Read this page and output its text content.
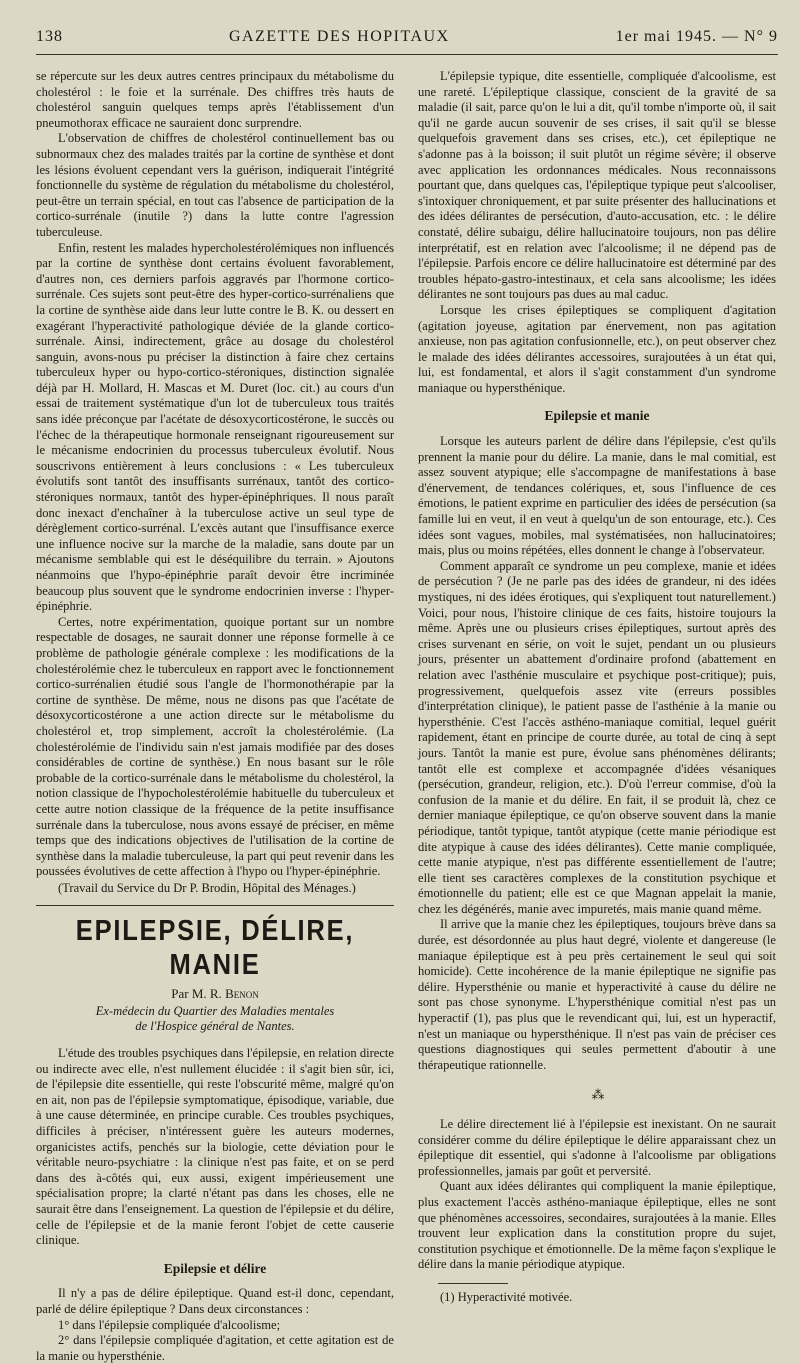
138	GAZETTE DES HOPITAUX	1er mai 1945. — N° 9

se répercute sur les deux autres centres principaux du métabolisme du cholestérol : le foie et la surrénale. Des chiffres très hauts de cholestérol sanguin quelques temps après l'établissement d'un pneumothorax efficace ne sauraient donc surprendre.

L'observation de chiffres de cholestérol continuellement bas ou subnormaux chez des malades traités par la cortine de synthèse et dont les lésions évoluent cependant vers la guérison, indiquerait l'intégrité fonctionnelle du système de régulation du métabolisme du cholestérol, peut-être un terrain spécial, en tout cas l'absence de participation de la cortico-surrénale (inutile ?) dans la lutte contre l'agression tuberculeuse.

Enfin, restent les malades hypercholestérolémiques non influencés par la cortine de synthèse dont certains évoluent favorablement, d'autres non, ces derniers parfois aggravés par l'hormone cortico-surrénale. Ces sujets sont peut-être des hyper-cortico-surrénaliens que la cortine de synthèse aide dans leur lutte contre le B. K. ou dessert en exagérant l'hyperactivité pathologique déviée de la glande cortico-surrénale. Ainsi, indirectement, grâce au dosage du cholestérol sanguin, avons-nous pu préciser la distinction à faire chez certains tuberculeux hyper ou hypo-cortico-stéroniques, distinction signalée déjà par H. Mollard, H. Mascas et M. Duret (loc. cit.) au cours d'un essai de traitement systématique d'un lot de tuberculeux tous traités sans idée préconçue par l'acétate de désoxycorticostérone, le succès ou l'échec de la thérapeutique hormonale renseignant rigoureusement sur le mécanisme endocrinien du processus tuberculeux évolutif. Nous souscrivons entièrement à leurs conclusions : « Les tuberculeux évolutifs sont tantôt des insuffisants surrénaux, tantôt des cortico-stéroniques normaux, tantôt des hyper-épinéphriques. Il nous paraît donc inexact d'enchaîner à la tuberculose active un seul type de dérèglement cortico-surrénal. L'excès autant que l'insuffisance exerce une influence nocive sur la marche de la maladie, sans doute par un mécanisme semblable qui est le déséquilibre du terrain. » Ajoutons néanmoins que l'hypo-épinéphrie paraît devoir être incriminée beaucoup plus souvent que le syndrome endocrinien inverse : l'hyper-épinéphrie.

Certes, notre expérimentation, quoique portant sur un nombre respectable de dosages, ne saurait donner une réponse formelle à ce problème de pathologie générale complexe : les modifications de la cholestérolémie chez le tuberculeux en rapport avec le fonctionnement cortico-surrénalien étudié sous l'angle de l'hormonothérapie par la cortine de synthèse. De même, nous ne disons pas que l'acétate de désoxycorticostérone a une action directe sur le métabolisme du cholestérol et, trop simplement, accroît la cholestérolémie. (La cholestérolémie de l'individu sain n'est jamais modifiée par des doses considérables de cortine de synthèse.) En nous basant sur le rôle probable de la cortico-surrénale dans le métabolisme du cholestérol, la notion classique de l'hypocholestérolémie habituelle du tuberculeux et cette autre notion classique de la fréquence de la petite insuffisance surrénale dans la tuberculose, nous avons essayé de préciser, en même temps que des indications objectives de l'utilisation de la cortine de synthèse dans la maladie tuberculeuse, la part qui peut revenir dans les poussées évolutives de cette affection à l'hypo ou l'hyper-épinéphrie.

(Travail du Service du Dr P. Brodin, Hôpital des Ménages.)

EPILEPSIE, DÉLIRE, MANIE
Par M. R. Benon
Ex-médecin du Quartier des Maladies mentales
de l'Hospice général de Nantes.

L'étude des troubles psychiques dans l'épilepsie, en relation directe ou indirecte avec elle, n'est nullement élucidée : il s'agit bien sûr, ici, de l'épilepsie dite essentielle, qui reste l'obscurité même, malgré qu'on en ait, non pas de l'épilepsie symptomatique, épisodique, variable, due à une cause déterminée, en principe curable. Ces troubles psychiques, difficiles à préciser, n'intéressent guère les auteurs modernes, organicistes actifs, penchés sur la biologie, cette déviation pour le véritable neuro-psychiatre : la clinique n'est pas faite, et on se perd dans des à-côtés qui, eux aussi, exigent impérieusement une spécialisation propre; la clarté n'étant pas dans les choses, elle ne saurait être dans l'enseignement. La question de l'épilepsie et du délire, celle de l'épilepsie et de la manie feront l'objet de cette causerie clinique.

Epilepsie et délire

Il n'y a pas de délire épileptique. Quand est-il donc, cependant, parlé de délire épileptique ? Dans deux circonstances :

1° dans l'épilepsie compliquée d'alcoolisme;

2° dans l'épilepsie compliquée d'agitation, et cette agitation est de la manie ou hypersthénie.

L'épilepsie typique, dite essentielle, compliquée d'alcoolisme, est une rareté. L'épileptique classique, conscient de la gravité de sa maladie (il sait, parce qu'on le lui a dit, qu'il tombe n'importe où, il sait qu'il ne garde aucun souvenir de ses crises, il sait qu'il se blesse quelquefois gravement dans ses crises, etc.), cet épileptique ne s'adonne pas à la boisson; il suit plutôt un régime sévère; il observe avec application les ordonnances médicales. Nous reconnaissons pourtant que, dans quelques cas, l'épileptique typique peut s'alcooliser, s'intoxiquer chroniquement, et par suite présenter des hallucinations et des idées délirantes de persécution, d'auto-accusation, etc. : le délire constaté, délire subaigu, délire hallucinatoire toujours, non pas délire interprétatif, est en relation avec l'alcoolisme; il ne dépend pas de l'épilepsie. Parfois encore ce délire hallucinatoire est déterminé par des troubles hépato-gastro-intestinaux, et cela sans alcoolisme; les idées délirantes ne sont toujours pas dues au mal caduc.

Lorsque les crises épileptiques se compliquent d'agitation (agitation joyeuse, agitation par énervement, non pas agitation anxieuse, non pas agitation confusionnelle, etc.), on peut observer chez le malade des idées délirantes accessoires, surajoutées à un état qui, lui, est fondamental, et alors il s'agit constamment d'un syndrome maniaque ou hypersthénique.

Epilepsie et manie

Lorsque les auteurs parlent de délire dans l'épilepsie, c'est qu'ils prennent la manie pour du délire. La manie, dans le mal comitial, est assez souvent atypique; elle s'accompagne de manifestations à base d'énervement, de tendances colériques, et, sous l'influence de ces émotions, le patient exprime en particulier des idées de persécution (sa famille lui en veut, il en veut à quelqu'un de son entourage, etc.). Ces idées sont vagues, mobiles, mal systématisées, non hallucinatoires; mais, plus ou moins répétées, elles donnent le change à l'observateur.

Comment apparaît ce syndrome un peu complexe, manie et idées de persécution ? (Je ne parle pas des idées de grandeur, ni des idées mystiques, ni des idées érotiques, qui s'expliquent tout naturellement.) Voici, pour nous, l'histoire clinique de ces faits, histoire toujours la même. Après une ou plusieurs crises épileptiques, surtout après des crises survenant en série, on voit le sujet, pendant un ou plusieurs jours, présenter un abattement d'ordinaire profond (abattement en relation avec l'asthénie musculaire et psychique post-critique); puis, progressivement, quelquefois assez vite (erreurs possibles d'interprétation clinique), le patient passe de l'asthénie à la manie ou hypersthénie. C'est l'accès asthéno-maniaque comitial, lequel guérit rapidement, étant en principe de courte durée, au total de cinq à sept jours. Tantôt la manie est pure, évolue sans phénomènes délirants; tantôt elle est complexe et accompagnée d'idées vésaniques (persécution, grandeur, religion, etc.). D'où l'erreur commise, d'où la confusion de la manie et du délire. En fait, il se produit là, chez ce dernier maniaque épileptique, ce qu'on observe souvent dans la manie périodique, tantôt typique, tantôt atypique (cette manie périodique est dite atypique à cause des idées délirantes). Cette manie compliquée, cette manie atypique, n'est pas différente essentiellement de l'autre; elle tient ses caractères complexes de la constitution psychique et émotionnelle du patient; elle est ce que Magnan appelait la manie, chez les dégénérés, manie avec impuretés, mais manie quand même.

Il arrive que la manie chez les épileptiques, toujours brève dans sa durée, est désordonnée au plus haut degré, violente et dangereuse (le maniaque épileptique est à peu près certainement le seul qui soit homicide). Cette incohérence de la manie épileptique ne signifie pas délire. Hypersthénie ou manie et hyperactivité à cause du délire ne sont pas chose synonyme. L'hypersthénique comitial n'est pas un hyperactif (1), pas plus que le revendicant qui, lui, est un hyperactif, n'est un maniaque ou hypersthénique. Il n'est pas vain de préciser ces questions diagnostiques qui seules permettent d'aboutir à une thérapeutique rationnelle.

⁂

Le délire directement lié à l'épilepsie est inexistant. On ne saurait considérer comme du délire épileptique le délire apparaissant chez un épileptique dit essentiel, qui s'adonne à l'alcoolisme par obligations professionnelles, jamais par goût et perversité.

Quant aux idées délirantes qui compliquent la manie épileptique, plus exactement l'accès asthéno-maniaque épileptique, elles ne sont que phénomènes accessoires, secondaires, surajoutées à la manie. Elles trouvent leur explication dans la constitution propre du sujet, constitution psychique et émotionnelle. De la même façon s'explique le délire dans la manie périodique atypique.

(1) Hyperactivité motivée.
